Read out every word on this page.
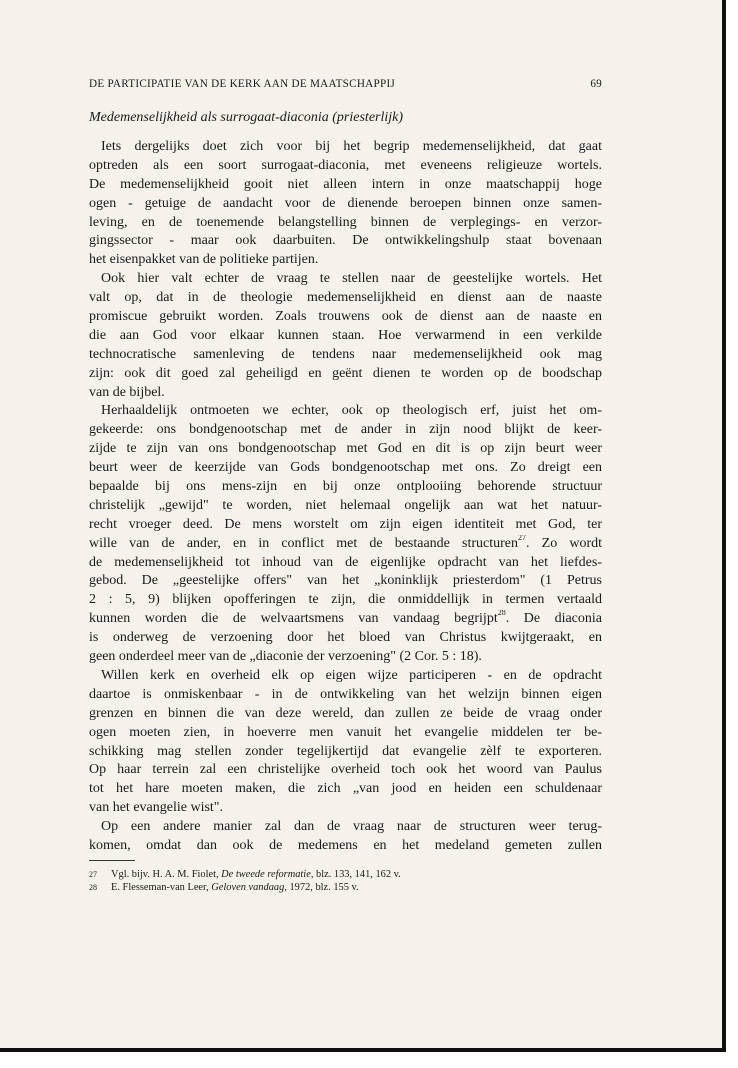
DE PARTICIPATIE VAN DE KERK AAN DE MAATSCHAPPIJ	69
Medemenselijkheid als surrogaat-diaconia (priesterlijk)
Iets dergelijks doet zich voor bij het begrip medemenselijkheid, dat gaat
optreden als een soort surrogaat-diaconia, met eveneens religieuze wortels.
De medemenselijkheid gooit niet alleen intern in onze maatschappij hoge
ogen - getuige de aandacht voor de dienende beroepen binnen onze samen-
leving, en de toenemende belangstelling binnen de verplegings- en verzor-
gingssector - maar ook daarbuiten. De ontwikkelingshulp staat bovenaan
het eisenpakket van de politieke partijen.
Ook hier valt echter de vraag te stellen naar de geestelijke wortels. Het
valt op, dat in de theologie medemenselijkheid en dienst aan de naaste
promiscue gebruikt worden. Zoals trouwens ook de dienst aan de naaste en
die aan God voor elkaar kunnen staan. Hoe verwarmend in een verkilde
technocratische samenleving de tendens naar medemenselijkheid ook mag
zijn: ook dit goed zal geheiligd en geënt dienen te worden op de boodschap
van de bijbel.
Herhaaldelijk ontmoeten we echter, ook op theologisch erf, juist het om-
gekeerde: ons bondgenootschap met de ander in zijn nood blijkt de keer-
zijde te zijn van ons bondgenootschap met God en dit is op zijn beurt weer
beurt weer de keerzijde van Gods bondgenootschap met ons. Zo dreigt een
bepaalde bij ons mens-zijn en bij onze ontplooiing behorende structuur
christelijk „gewijd" te worden, niet helemaal ongelijk aan wat het natuur-
recht vroeger deed. De mens worstelt om zijn eigen identiteit met God, ter
wille van de ander, en in conflict met de bestaande structuren$^{27}$. Zo wordt
de medemenselijkheid tot inhoud van de eigenlijke opdracht van het liefdes-
gebod. De „geestelijke offers" van het „koninklijk priesterdom" (1 Petrus
2 : 5, 9) blijken opofferingen te zijn, die onmiddellijk in termen vertaald
kunnen worden die de welvaartsmens van vandaag begrijpt$^{28}$. De diaconia
is onderweg de verzoening door het bloed van Christus kwijtgeraakt, en
geen onderdeel meer van de „diaconie der verzoening" (2 Cor. 5 : 18).
Willen kerk en overheid elk op eigen wijze participeren - en de opdracht
daartoe is onmiskenbaar - in de ontwikkeling van het welzijn binnen eigen
grenzen en binnen die van deze wereld, dan zullen ze beide de vraag onder
ogen moeten zien, in hoeverre men vanuit het evangelie middelen ter be-
schikking mag stellen zonder tegelijkertijd dat evangelie zèlf te exporteren.
Op haar terrein zal een christelijke overheid toch ook het woord van Paulus
tot het hare moeten maken, die zich „van jood en heiden een schuldenaar
van het evangelie wist".
Op een andere manier zal dan de vraag naar de structuren weer terug-
komen, omdat dan ook de medemens en het medeland gemeten zullen
27 Vgl. bijv. H. A. M. Fiolet, De tweede reformatie, blz. 133, 141, 162 v.
28 E. Flesseman-van Leer, Geloven vandaag, 1972, blz. 155 v.
